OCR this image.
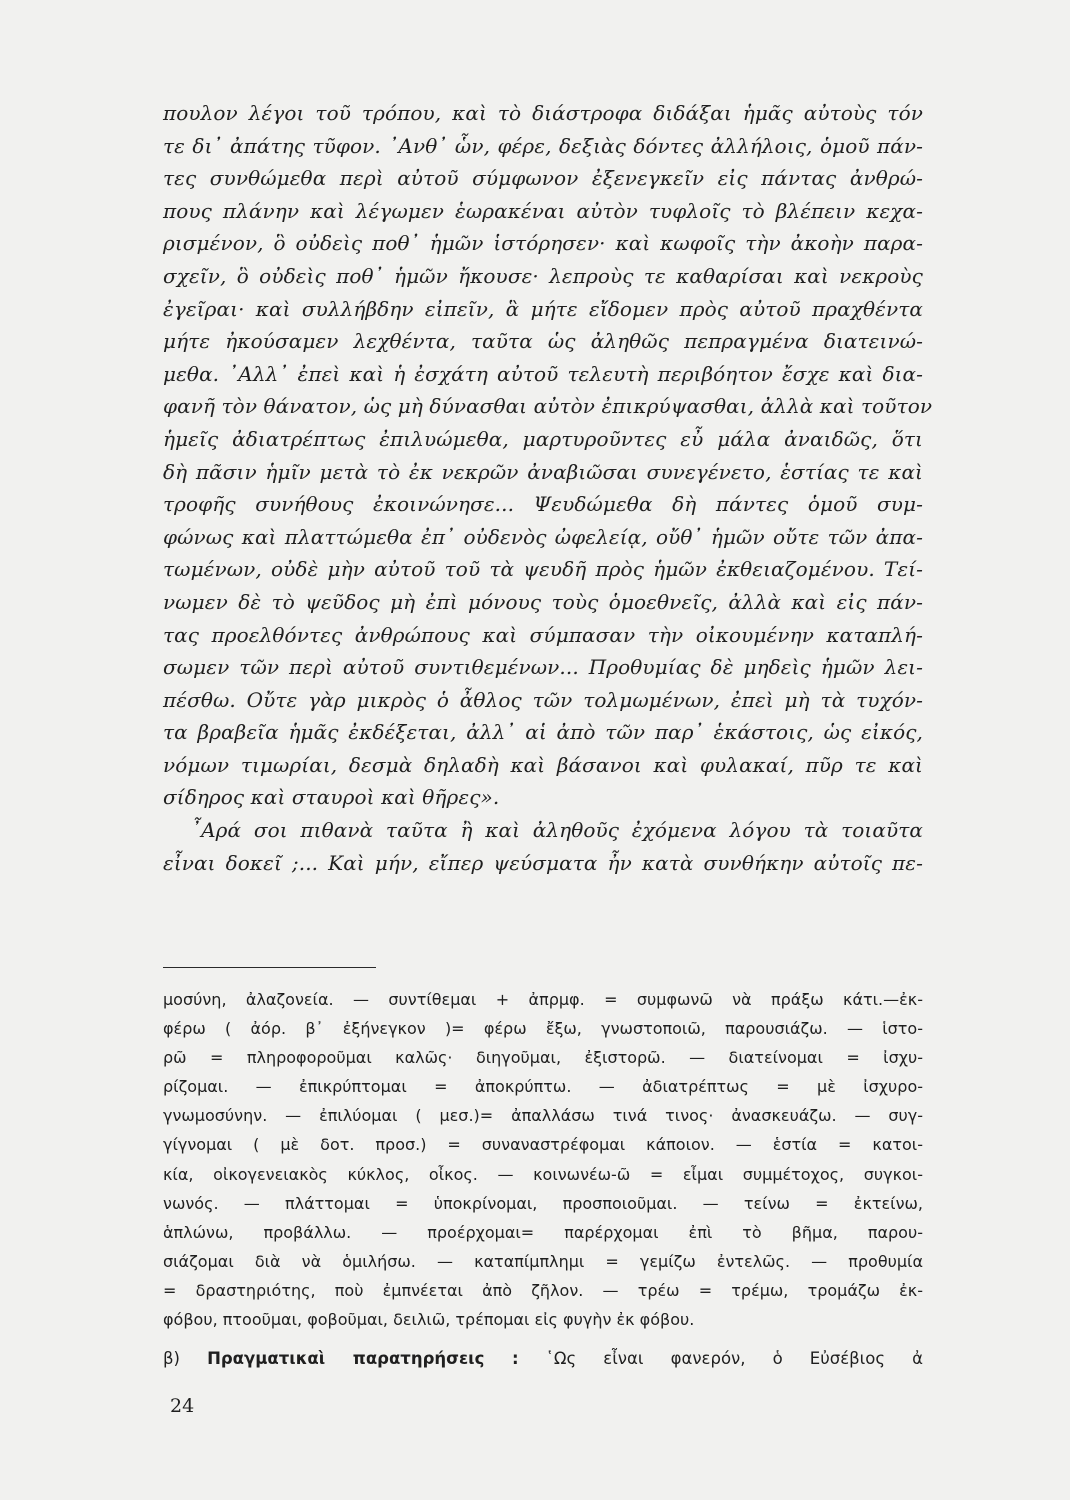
πουλον λέγοι τοῦ τρόπου, καὶ τὸ διάστροφα διδάξαι ἡμᾶς αὐτοὺς τόν
τε δι᾽ ἀπάτης τῦφον. ᾽Ανθ᾽ ὧν, φέρε, δεξιὰς δόντες ἀλλήλοις, ὁμοῦ πάν-
τες συνθώμεθα περὶ αὐτοῦ σύμφωνον ἐξενεγκεῖν εἰς πάντας ἀνθρώ-
πους πλάνην καὶ λέγωμεν ἑωρακέναι αὐτὸν τυφλοῖς τὸ βλέπειν κεχα-
ρισμένον, ὃ οὐδεὶς ποθ᾽ ἡμῶν ἱστόρησεν· καὶ κωφοῖς τὴν ἀκοὴν παρα-
σχεῖν, ὃ οὐδεὶς ποθ᾽ ἡμῶν ἤκουσε· λεπροὺς τε καθαρίσαι καὶ νεκροὺς
ἐγεῖραι· καὶ συλλήβδην εἰπεῖν, ἃ μήτε εἴδομεν πρὸς αὐτοῦ πραχθέντα
μήτε ἠκούσαμεν λεχθέντα, ταῦτα ὡς ἀληθῶς πεπραγμένα διατεινώ-
μεθα. ᾽Αλλ᾽ ἐπεὶ καὶ ἡ ἐσχάτη αὐτοῦ τελευτὴ περιβόητον ἔσχε καὶ δια-
φανῆ τὸν θάνατον, ὡς μὴ δύνασθαι αὐτὸν ἐπικρύψασθαι, ἀλλὰ καὶ τοῦτον
ἡμεῖς ἀδιατρέπτως ἐπιλυώμεθα, μαρτυροῦντες εὖ μάλα ἀναιδῶς, ὅτι
δὴ πᾶσιν ἡμῖν μετὰ τὸ ἐκ νεκρῶν ἀναβιῶσαι συνεγένετο, ἑστίας τε καὶ
τροφῆς συνήθους ἐκοινώνησε... Ψευδώμεθα δὴ πάντες ὁμοῦ συμ-
φώνως καὶ πλαττώμεθα ἐπ᾽ οὐδενὸς ὠφελείᾳ, οὔθ᾽ ἡμῶν οὔτε τῶν ἀπα-
τωμένων, οὐδὲ μὴν αὐτοῦ τοῦ τὰ ψευδῆ πρὸς ἡμῶν ἐκθειαζομένου. Τεί-
νωμεν δὲ τὸ ψεῦδος μὴ ἐπὶ μόνους τοὺς ὁμοεθνεῖς, ἀλλὰ καὶ εἰς πάν-
τας προελθόντες ἀνθρώπους καὶ σύμπασαν τὴν οἰκουμένην καταπλή-
σωμεν τῶν περὶ αὐτοῦ συντιθεμένων... Προθυμίας δὲ μηδεὶς ἡμῶν λει-
πέσθω. Οὔτε γὰρ μικρὸς ὁ ἆθλος τῶν τολμωμένων, ἐπεὶ μὴ τὰ τυχόν-
τα βραβεῖα ἡμᾶς ἐκδέξεται, ἀλλ᾽ αἱ ἀπὸ τῶν παρ᾽ ἑκάστοις, ὡς εἰκός,
νόμων τιμωρίαι, δεσμὰ δηλαδὴ καὶ βάσανοι καὶ φυλακαί, πῦρ τε καὶ
σίδηρος καὶ σταυροὶ καὶ θῆρες».
῏Αρά σοι πιθανὰ ταῦτα ἢ καὶ ἀληθοῦς ἐχόμενα λόγου τὰ τοιαῦτα
εἶναι δοκεῖ ;... Καὶ μήν, εἴπερ ψεύσματα ἦν κατὰ συνθήκην αὐτοῖς πε-
μοσύνη, ἀλαζονεία. — συντίθεμαι + ἀπρμφ. = συμφωνῶ νὰ πράξω κάτι.—ἐκ-
φέρω ( ἀόρ. β᾽ ἐξήνεγκον )= φέρω ἔξω, γνωστοποιῶ, παρουσιάζω. — ἱστο-
ρῶ = πληροφοροῦμαι καλῶς· διηγοῦμαι, ἐξιστορῶ. — διατείνομαι = ἰσχυ-
ρίζομαι. — ἐπικρύπτομαι = ἀποκρύπτω. — ἀδιατρέπτως = μὲ ἰσχυρο-
γνωμοσύνην. — ἐπιλύομαι ( μεσ.)= ἀπαλλάσω τινά τινος· ἀνασκευάζω. — συγ-
γίγνομαι ( μὲ δοτ. προσ.) = συναναστρέφομαι κάποιον. — ἑστία = κατοι-
κία, οἰκογενειακὸς κύκλος, οἶκος. — κοινωνέω-ῶ = εἶμαι συμμέτοχος, συγκοι-
νωνός. — πλάττομαι = ὑποκρίνομαι, προσποιοῦμαι. — τείνω = ἐκτείνω,
ἁπλώνω, προβάλλω. — προέρχομαι= παρέρχομαι ἐπὶ τὸ βῆμα, παρου-
σιάζομαι διὰ νὰ ὁμιλήσω. — καταπίμπλημι = γεμίζω ἐντελῶς. — προθυμία
= δραστηριότης, ποὺ ἐμπνέεται ἀπὸ ζῆλον. — τρέω = τρέμω, τρομάζω ἐκ-
φόβου, πτοοῦμαι, φοβοῦμαι, δειλιῶ, τρέπομαι εἰς φυγὴν ἐκ φόβου.
β) Πραγματικαὶ παρατηρήσεις : ῾Ως εἶναι φανερόν, ὁ Εὐσέβιος ἀ
24
